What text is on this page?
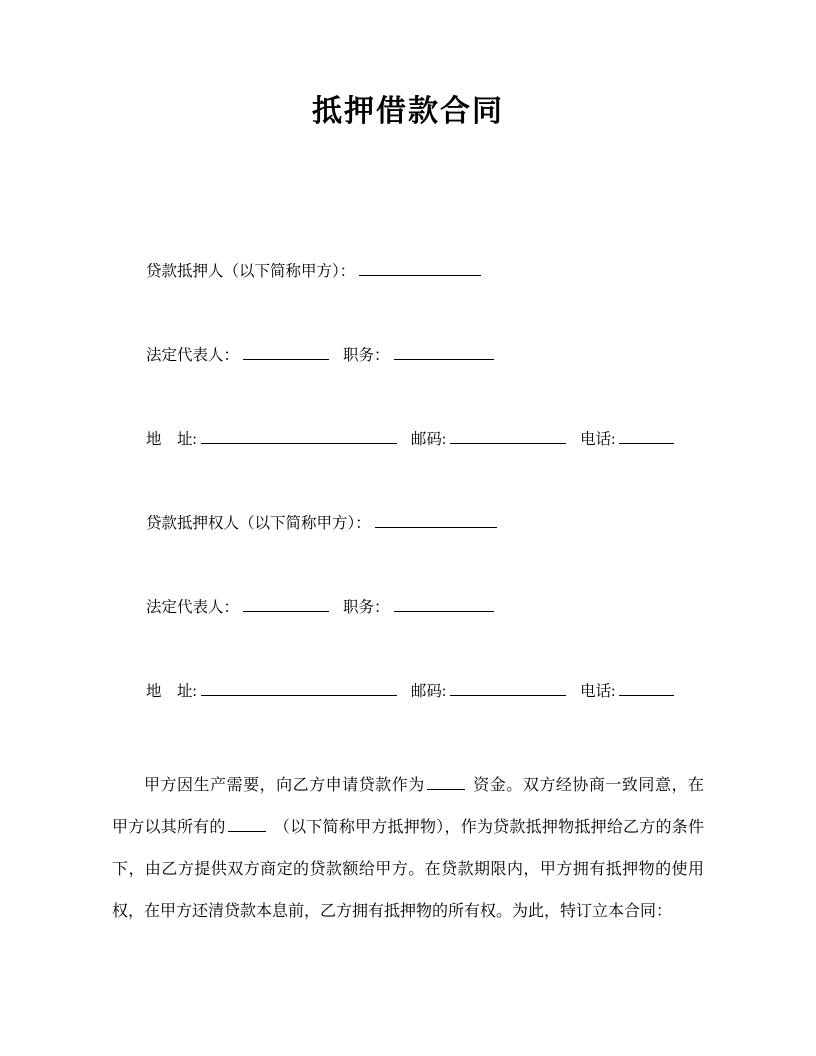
抵押借款合同
贷款抵押人（以下简称甲方）：
法定代表人：	职务：
地　址:	邮码:	电话:
贷款抵押权人（以下简称甲方）：
法定代表人：	职务：
地　址:	邮码:	电话:

甲方因生产需要，向乙方申请贷款作为	资金。双方经协商一致同意，在甲方以其所有的	（以下简称甲方抵押物），作为贷款抵押物抵押给乙方的条件下，由乙方提供双方商定的贷款额给甲方。在贷款期限内，甲方拥有抵押物的使用权，在甲方还清贷款本息前，乙方拥有抵押物的所有权。为此，特订立本合同：
